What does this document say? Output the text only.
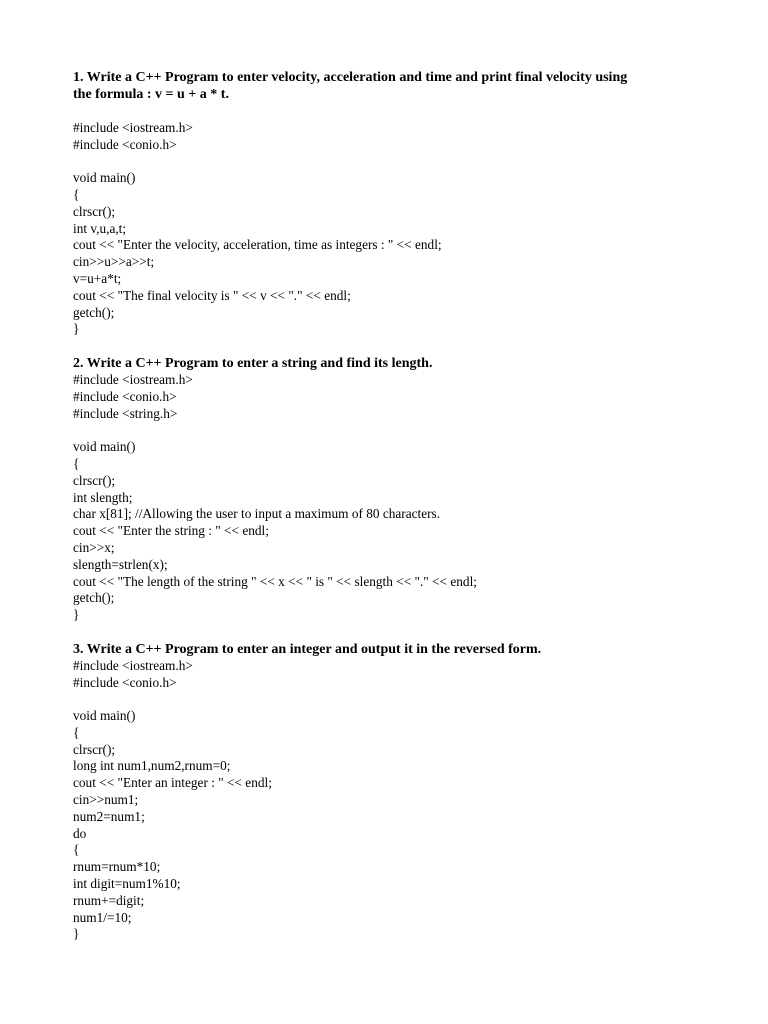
1. Write a C++ Program to enter velocity, acceleration and time and print final velocity using
the formula : v = u + a * t.
#include <iostream.h>
#include <conio.h>
void main()
{
clrscr();
int v,u,a,t;
cout << "Enter the velocity, acceleration, time as integers : " << endl;
cin>>u>>a>>t;
v=u+a*t;
cout << "The final velocity is " << v << "." << endl;
getch();
}
2. Write a C++ Program to enter a string and find its length.
#include <iostream.h>
#include <conio.h>
#include <string.h>
void main()
{
clrscr();
int slength;
char x[81]; //Allowing the user to input a maximum of 80 characters.
cout << "Enter the string : " << endl;
cin>>x;
slength=strlen(x);
cout << "The length of the string " << x << " is " << slength << "." << endl;
getch();
}
3. Write a C++ Program to enter an integer and output it in the reversed form.
#include <iostream.h>
#include <conio.h>
void main()
{
clrscr();
long int num1,num2,rnum=0;
cout << "Enter an integer : " << endl;
cin>>num1;
num2=num1;
do
{
rnum=rnum*10;
int digit=num1%10;
rnum+=digit;
num1/=10;
}
